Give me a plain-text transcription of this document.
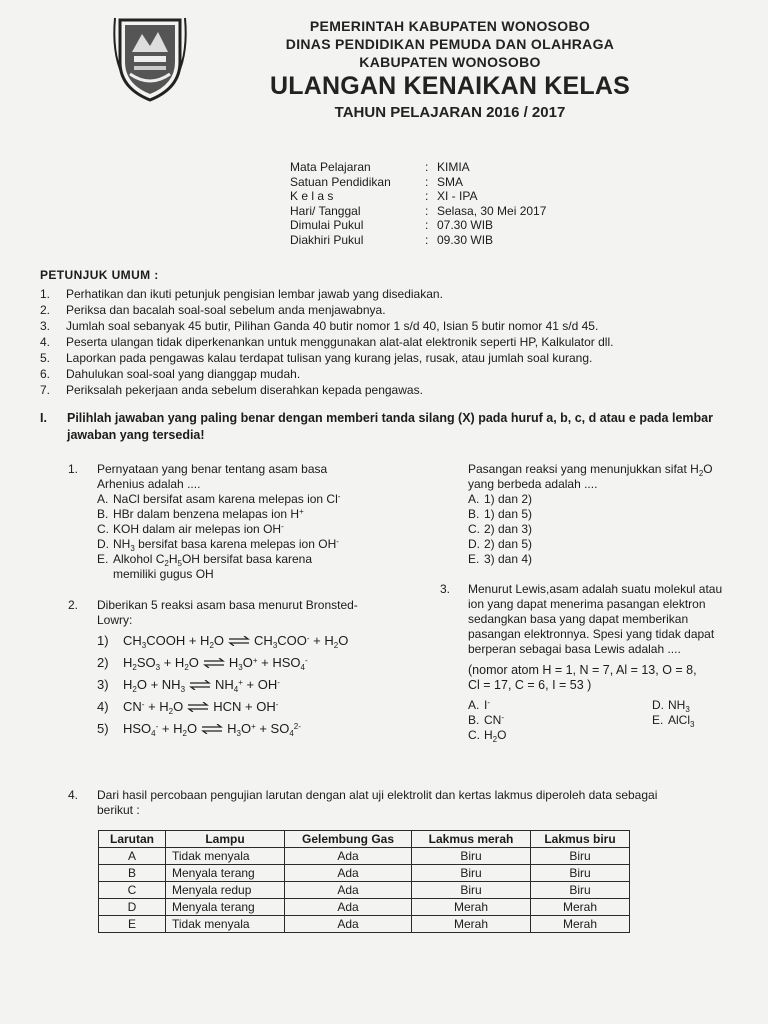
PEMERINTAH KABUPATEN WONOSOBO
DINAS PENDIDIKAN PEMUDA DAN OLAHRAGA
KABUPATEN WONOSOBO
ULANGAN KENAIKAN KELAS
TAHUN PELAJARAN 2016 / 2017
Mata Pelajaran	: KIMIA
Satuan Pendidikan	: SMA
K e l a s	: XI - IPA
Hari/ Tanggal	: Selasa, 30 Mei 2017
Dimulai Pukul	: 07.30 WIB
Diakhiri Pukul	: 09.30 WIB
PETUNJUK UMUM :
1.	Perhatikan dan ikuti petunjuk pengisian lembar jawab yang disediakan.
2.	Periksa dan bacalah soal-soal sebelum anda menjawabnya.
3.	Jumlah soal sebanyak 45 butir, Pilihan Ganda 40 butir nomor 1 s/d 40, Isian 5 butir nomor 41 s/d 45.
4.	Peserta ulangan tidak diperkenankan untuk menggunakan alat-alat elektronik seperti HP, Kalkulator dll.
5.	Laporkan pada pengawas kalau terdapat tulisan yang kurang jelas, rusak, atau jumlah soal kurang.
6.	Dahulukan soal-soal yang dianggap mudah.
7.	Periksalah pekerjaan anda sebelum diserahkan kepada pengawas.
I. Pilihlah jawaban yang paling benar dengan memberi tanda silang (X) pada huruf a, b, c, d atau e pada lembar jawaban yang tersedia!
1. Pernyataan yang benar tentang asam basa
Arhenius adalah ....
A. NaCl bersifat asam karena melepas ion Cl-
B. HBr dalam benzena melapas ion H+
C. KOH dalam air melepas ion OH-
D. $NH_3$ bersifat basa karena melepas ion OH-
E. Alkohol $C_2H_5OH$ bersifat basa karena
memiliki gugus OH
2. Diberikan 5 reaksi asam basa menurut Bronsted-
Lowry:
1)	$CH_3COOH + H_2O$ ⇌ $CH_3COO^- + H_2O$
2)	$H_2SO_3 + H_2O$ ⇌ $H_3O^+ + HSO_4^-$
3)	$H_2O + NH_3$ ⇌ $NH_4^+ + OH^-$
4)	$CN^- + H_2O$ ⇌ HCN + OH-
5)	$HSO_4^- + H_2O$ ⇌ $H_3O^+ + SO_4^{2-}$
Pasangan reaksi yang menunjukkan sifat $H_2O$
yang berbeda adalah ....
A. 1) dan 2)
B. 1) dan 5)
C. 2) dan 3)
D. 2) dan 5)
E. 3) dan 4)
3. Menurut Lewis,asam adalah suatu molekul atau
ion yang dapat menerima pasangan elektron
sedangkan basa yang dapat memberikan
pasangan elektronnya. Spesi yang tidak dapat
berperan sebagai basa Lewis adalah ....
(nomor atom H = 1, N = 7, Al = 13, O = 8,
Cl = 17, C = 6, I = 53 )
A. I-	D. $NH_3$
B. CN-	E. AlCl$_3$
C. $H_2O$
4. Dari hasil percobaan pengujian larutan dengan alat uji elektrolit dan kertas lakmus diperoleh data sebagai
berikut :
Larutan	Lampu	Gelembung Gas	Lakmus merah	Lakmus biru
A	Tidak menyala	Ada	Biru	Biru
B	Menyala terang	Ada	Biru	Biru
C	Menyala redup	Ada	Biru	Biru
D	Menyala terang	Ada	Merah	Merah
E	Tidak menyala	Ada	Merah	Merah
